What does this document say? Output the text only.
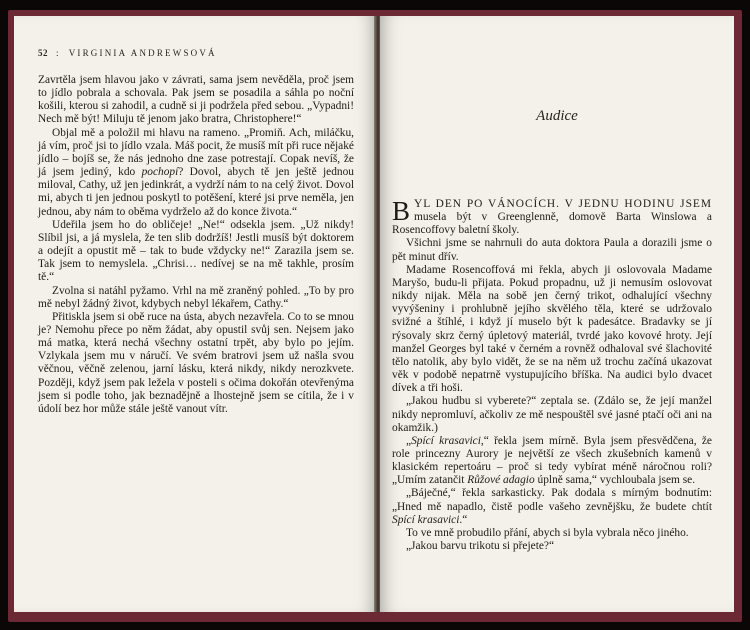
52 : VIRGINIA ANDREWSOVÁ

Zavrtěla jsem hlavou jako v závrati, sama jsem nevěděla, proč jsem to jídlo pobrala a schovala. Pak jsem se posadila a sáhla po noční košili, kterou si zahodil, a cudně si ji podržela před sebou. „Vypadni! Nech mě být! Miluju tě jenom jako bratra, Christophere!“

Objal mě a položil mi hlavu na rameno. „Promiň. Ach, miláčku, já vím, proč jsi to jídlo vzala. Máš pocit, že musíš mít při ruce nějaké jídlo – bojíš se, že nás jednoho dne zase potrestají. Copak nevíš, že já jsem jediný, kdo pochopí? Dovol, abych tě jen ještě jednou miloval, Cathy, už jen jedinkrát, a vydrží nám to na celý život. Dovol mi, abych ti jen jednou poskytl to potěšení, které jsi prve neměla, jen jednou, aby nám to oběma vydrželo až do konce života.“

Udeřila jsem ho do obličeje! „Ne!“ odsekla jsem. „Už nikdy! Slíbil jsi, a já myslela, že ten slib dodržíš! Jestli musíš být doktorem a odejít a opustit mě – tak to bude vždycky ne!“ Zarazila jsem se. Tak jsem to nemyslela. „Chrisi… nedívej se na mě takhle, prosím tě.“

Zvolna si natáhl pyžamo. Vrhl na mě zraněný pohled. „To by pro mě nebyl žádný život, kdybych nebyl lékařem, Cathy.“

Přitiskla jsem si obě ruce na ústa, abych nezavřela. Co to se mnou je? Nemohu přece po něm žádat, aby opustil svůj sen. Nejsem jako má matka, která nechá všechny ostatní trpět, aby bylo po jejím. Vzlykala jsem mu v náručí. Ve svém bratrovi jsem už našla svou věčnou, věčně zelenou, jarní lásku, která nikdy, nikdy nerozkvete. Později, když jsem pak ležela v posteli s očima dokořán otevřenýma jsem si podle toho, jak beznadějně a lhostejně jsem se cítila, že i v údolí bez hor může stále ještě vanout vítr.

Audice

BYL DEN PO VÁNOCÍCH. V JEDNU HODINU JSEM musela být v Greenglenně, domově Barta Winslowa a Rosencoffovy baletní školy.

Všichni jsme se nahrnuli do auta doktora Paula a dorazili jsme o pět minut dřív.

Madame Rosencoffová mi řekla, abych ji oslovovala Madame Maryšo, budu-li přijata. Pokud propadnu, už ji nemusím oslovovat nikdy nijak. Měla na sobě jen černý trikot, odhalující všechny vyvýšeniny i prohlubně jejího skvělého těla, které se udržovalo svižné a štíhlé, i když jí muselo být k padesátce. Bradavky se jí rýsovaly skrz černý úpletový materiál, tvrdé jako kovové hroty. Její manžel Georges byl také v černém a rovněž odhaloval své šlachovité tělo natolik, aby bylo vidět, že se na něm už trochu začíná ukazovat věk v podobě nepatrně vystupujícího bříška. Na audici bylo dvacet dívek a tři hoši.

„Jakou hudbu si vyberete?“ zeptala se. (Zdálo se, že její manžel nikdy nepromluví, ačkoliv ze mě nespouštěl své jasné ptačí oči ani na okamžik.)

„Spící krasavici,“ řekla jsem mírně. Byla jsem přesvědčena, že role princezny Aurory je největší ze všech zkušebních kamenů v klasickém repertoáru – proč si tedy vybírat méně náročnou roli? „Umím zatančit Růžové adagio úplně sama,“ vychloubala jsem se.

„Báječné,“ řekla sarkasticky. Pak dodala s mírným bodnutím: „Hned mě napadlo, čistě podle vašeho zevnějšku, že budete chtít Spící krasavici.“

To ve mně probudilo přání, abych si byla vybrala něco jiného.

„Jakou barvu trikotu si přejete?“
